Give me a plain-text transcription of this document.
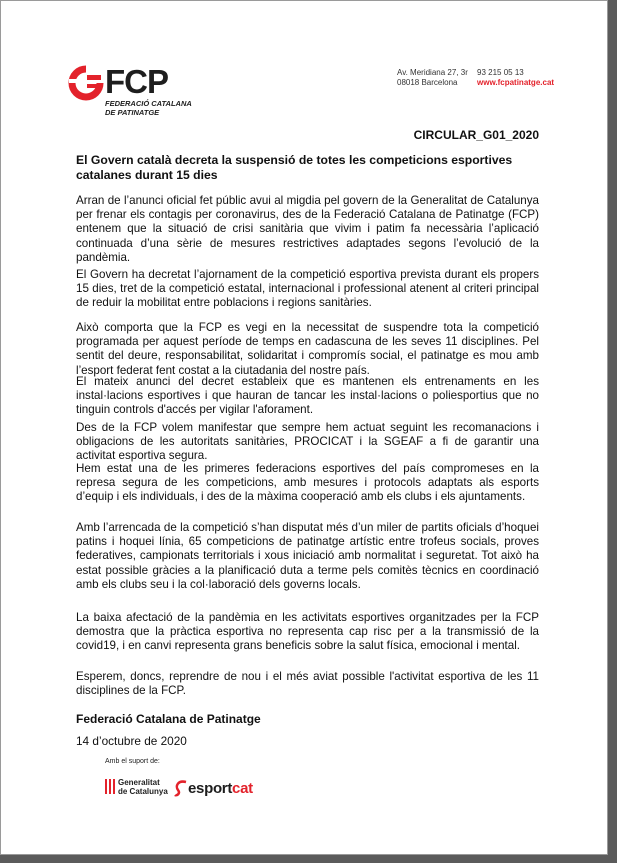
FCP
FEDERACIÓ CATALANA
DE PATINATGE
Av. Meridiana 27, 3r
08018 Barcelona
93 215 05 13
www.fcpatinatge.cat
CIRCULAR_G01_2020
El Govern català decreta la suspensió de totes les competicions esportives catalanes durant 15 dies

Arran de l’anunci oficial fet públic avui al migdia pel govern de la Generalitat de Catalunya per frenar els contagis per coronavirus, des de la Federació Catalana de Patinatge (FCP) entenem que la situació de crisi sanitària que vivim i patim fa necessària l’aplicació continuada d’una sèrie de mesures restrictives adaptades segons l’evolució de la pandèmia.

El Govern ha decretat l’ajornament de la competició esportiva prevista durant els propers 15 dies, tret de la competició estatal, internacional i professional atenent al criteri principal de reduir la mobilitat entre poblacions i regions sanitàries.

Això comporta que la FCP es vegi en la necessitat de suspendre tota la competició programada per aquest període de temps en cadascuna de les seves 11 disciplines. Pel sentit del deure, responsabilitat, solidaritat i compromís social, el patinatge es mou amb l’esport federat fent costat a la ciutadania del nostre país.

El mateix anunci del decret estableix que es mantenen els entrenaments en les instal·lacions esportives i que hauran de tancar les instal·lacions o poliesportius que no tinguin controls d'accés per vigilar l'aforament.

Des de la FCP volem manifestar que sempre hem actuat seguint les recomanacions i obligacions de les autoritats sanitàries, PROCICAT i la SGEAF a fi de garantir una activitat esportiva segura.

Hem estat una de les primeres federacions esportives del país compromeses en la represa segura de les competicions, amb mesures i protocols adaptats als esports d’equip i els individuals, i des de la màxima cooperació amb els clubs i els ajuntaments.

Amb l’arrencada de la competició s’han disputat més d’un miler de partits oficials d’hoquei patins i hoquei línia, 65 competicions de patinatge artístic entre trofeus socials, proves federatives, campionats territorials i xous iniciació amb normalitat i seguretat. Tot això ha estat possible gràcies a la planificació duta a terme pels comitès tècnics en coordinació amb els clubs seu i la col·laboració dels governs locals.

La baixa afectació de la pandèmia en les activitats esportives organitzades per la FCP demostra que la pràctica esportiva no representa cap risc per a la transmissió de la covid19, i en canvi representa grans beneficis sobre la salut física, emocional i mental.

Esperem, doncs, reprendre de nou i el més aviat possible l'activitat esportiva de les 11 disciplines de la FCP.

Federació Catalana de Patinatge
14 d’octubre de 2020
Amb el suport de:
Generalitat
de Catalunya esportcat
